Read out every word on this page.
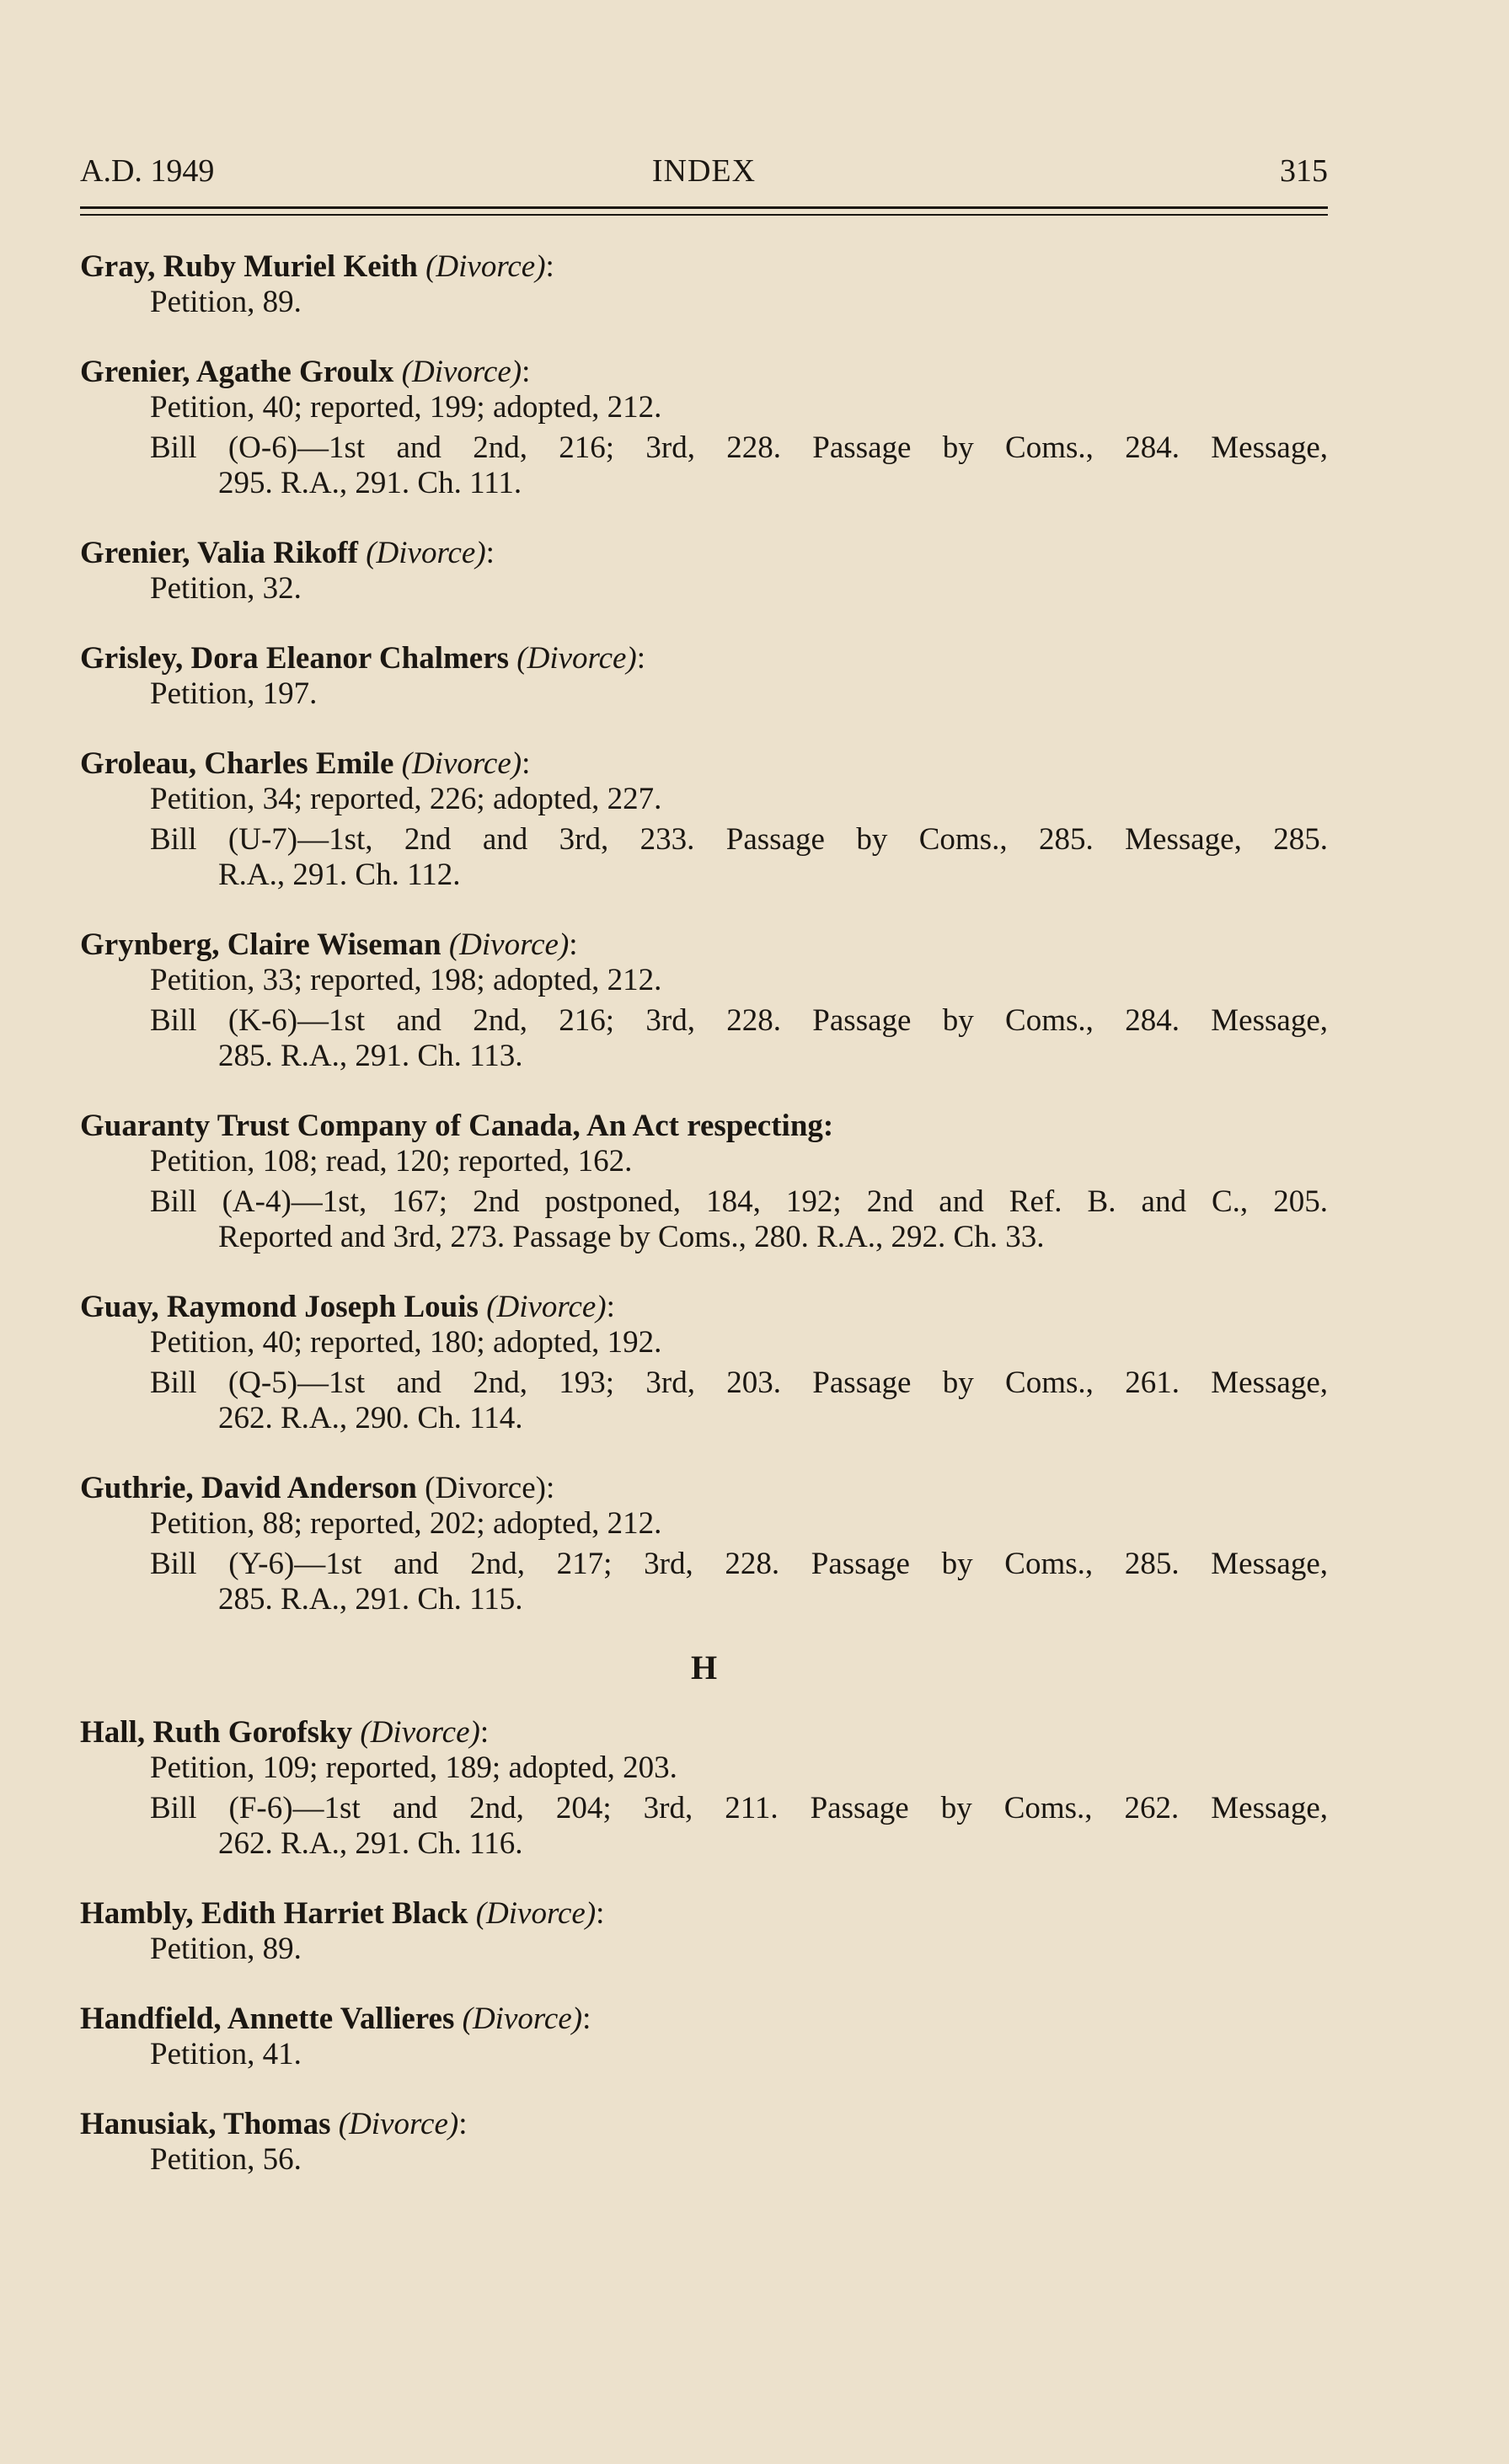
A.D. 1949	INDEX	315
Gray, Ruby Muriel Keith (Divorce):
Petition, 89.
Grenier, Agathe Groulx (Divorce):
Petition, 40; reported, 199; adopted, 212.
Bill (O-6)—1st and 2nd, 216; 3rd, 228. Passage by Coms., 284. Message,
295. R.A., 291. Ch. 111.
Grenier, Valia Rikoff (Divorce):
Petition, 32.
Grisley, Dora Eleanor Chalmers (Divorce):
Petition, 197.
Groleau, Charles Emile (Divorce):
Petition, 34; reported, 226; adopted, 227.
Bill (U-7)—1st, 2nd and 3rd, 233. Passage by Coms., 285. Message, 285.
R.A., 291. Ch. 112.
Grynberg, Claire Wiseman (Divorce):
Petition, 33; reported, 198; adopted, 212.
Bill (K-6)—1st and 2nd, 216; 3rd, 228. Passage by Coms., 284. Message,
285. R.A., 291. Ch. 113.
Guaranty Trust Company of Canada, An Act respecting:
Petition, 108; read, 120; reported, 162.
Bill (A-4)—1st, 167; 2nd postponed, 184, 192; 2nd and Ref. B. and C., 205.
Reported and 3rd, 273. Passage by Coms., 280. R.A., 292. Ch. 33.
Guay, Raymond Joseph Louis (Divorce):
Petition, 40; reported, 180; adopted, 192.
Bill (Q-5)—1st and 2nd, 193; 3rd, 203. Passage by Coms., 261. Message,
262. R.A., 290. Ch. 114.
Guthrie, David Anderson (Divorce):
Petition, 88; reported, 202; adopted, 212.
Bill (Y-6)—1st and 2nd, 217; 3rd, 228. Passage by Coms., 285. Message,
285. R.A., 291. Ch. 115.
H
Hall, Ruth Gorofsky (Divorce):
Petition, 109; reported, 189; adopted, 203.
Bill (F-6)—1st and 2nd, 204; 3rd, 211. Passage by Coms., 262. Message,
262. R.A., 291. Ch. 116.
Hambly, Edith Harriet Black (Divorce):
Petition, 89.
Handfield, Annette Vallieres (Divorce):
Petition, 41.
Hanusiak, Thomas (Divorce):
Petition, 56.
